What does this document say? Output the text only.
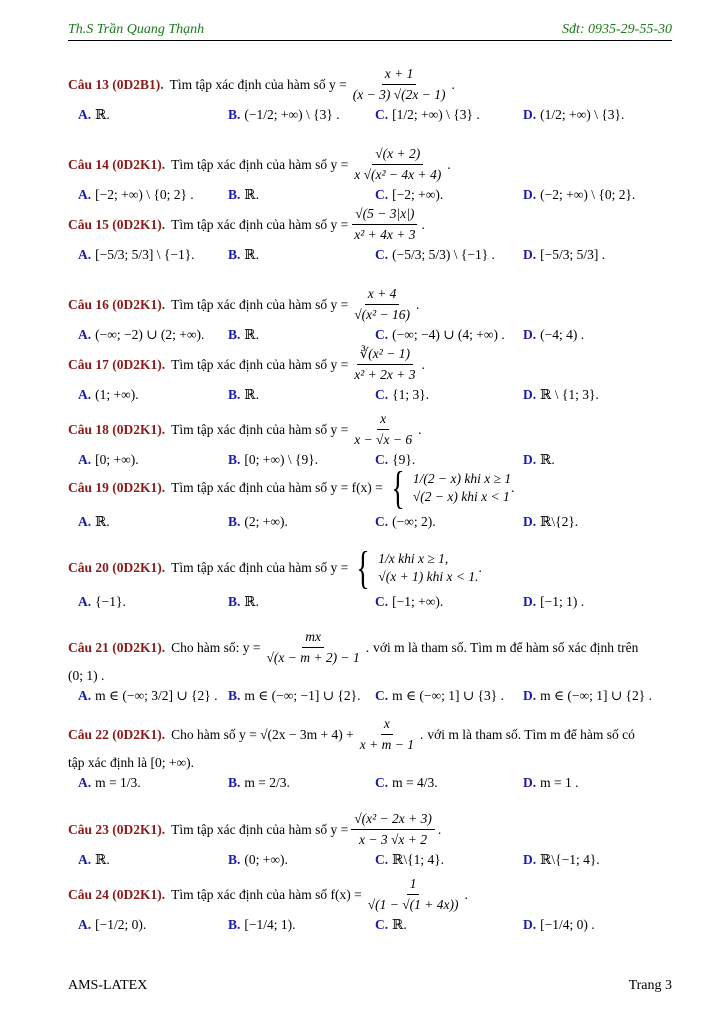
Th.S Trần Quang Thạnh	Sđt: 0935-29-55-30
Câu 13 (0D2B1). Tìm tập xác định của hàm số $y = \frac{x + 1}{(x - 3) √(2x - 1)}$ .
A. ℝ.	B. (−1/2; +∞) \ {3} .	C. [1/2; +∞) \ {3} .	D. (1/2; +∞) \ {3}.
Câu 14 (0D2K1). Tìm tập xác định của hàm số $y = \frac{√(x + 2)}{\text{x √(x² − 4x + 4)}}$ .
A. [−2; +∞) \ {0; 2} .	B. ℝ.	C. [−2; +∞).	D. (−2; +∞) \ {0; 2}.
Câu 15 (0D2K1). Tìm tập xác định của hàm số $y = \frac{√(5 - 3|x|)}{\text{x² + 4x + 3}}$ .
A. [−5/3; 5/3] \ {−1}. B. ℝ.	C. (−5/3; 5/3) \ {−1} . D. [−5/3; 5/3] .
Câu 16 (0D2K1). Tìm tập xác định của hàm số $y = \frac{x + 4}{\text{√(x² − 16)}}$ .
A. (−∞; −2) ∪ (2; +∞). B. ℝ.	C. (−∞; −4) ∪ (4; +∞) . D. (−4; 4) .
Câu 17 (0D2K1). Tìm tập xác định của hàm số $y = \frac{\text{∛(x² − 1)}}{\text{x² + 2x + 3}}$ .
A. (1; +∞).	B. ℝ.	C. {1; 3}.	D. ℝ \ {1; 3}.
Câu 18 (0D2K1). Tìm tập xác định của hàm số $y = \frac{x}{x - √x - 6}$ .
A. [0; +∞).	B. [0; +∞) \ {9}.	C. {9}.	D. ℝ.
Câu 19 (0D2K1). Tìm tập xác định của hàm số y = f(x) = { 1/(2 − x) khi x ≥ 1
√(2 − x) khi x < 1
.
A. ℝ.	B. (2; +∞).	C. (−∞; 2).	D. ℝ\{2}.
Câu 20 (0D2K1). Tìm tập xác định của hàm số y = { 1/x khi x ≥ 1,
√(x + 1) khi x < 1.
.
A. {−1}.	B. ℝ.	C. [−1; +∞).	D. [−1; 1) .
Câu 21 (0D2K1). Cho hàm số: $y = \frac{mx}{√(x - m + 2) - 1}$ . với m là tham số. Tìm m để hàm số xác định trên
(0; 1) .
A. m ∈ (−∞; 3/2] ∪ {2} . B. m ∈ (−∞; −1] ∪ {2}. C. m ∈ (−∞; 1] ∪ {3} . D. m ∈ (−∞; 1] ∪ {2} .
Câu 22 (0D2K1). Cho hàm số $y = √(2x - 3m + 4) + \frac{x}{x + m - 1}$ . với m là tham số. Tìm m để hàm số có
tập xác định là [0; +∞).
A. m = 1/3.	B. m = 2/3.	C. m = 4/3.	D. m = 1 .
Câu 23 (0D2K1). Tìm tập xác định của hàm số $y = \frac{\text{√(x² − 2x + 3)}}{x - 3 √x + 2}$ .
A. ℝ.	B. (0; +∞).	C. ℝ\{1; 4}.	D. ℝ\{−1; 4}.
Câu 24 (0D2K1). Tìm tập xác định của hàm số $f(x) = \frac{1}{√(1 - √(1 + 4x))}$ .
A. [−1/2; 0).	B. [−1/4; 1).	C. ℝ.	D. [−1/4; 0) .
AMS-LATEX	Trang 3
